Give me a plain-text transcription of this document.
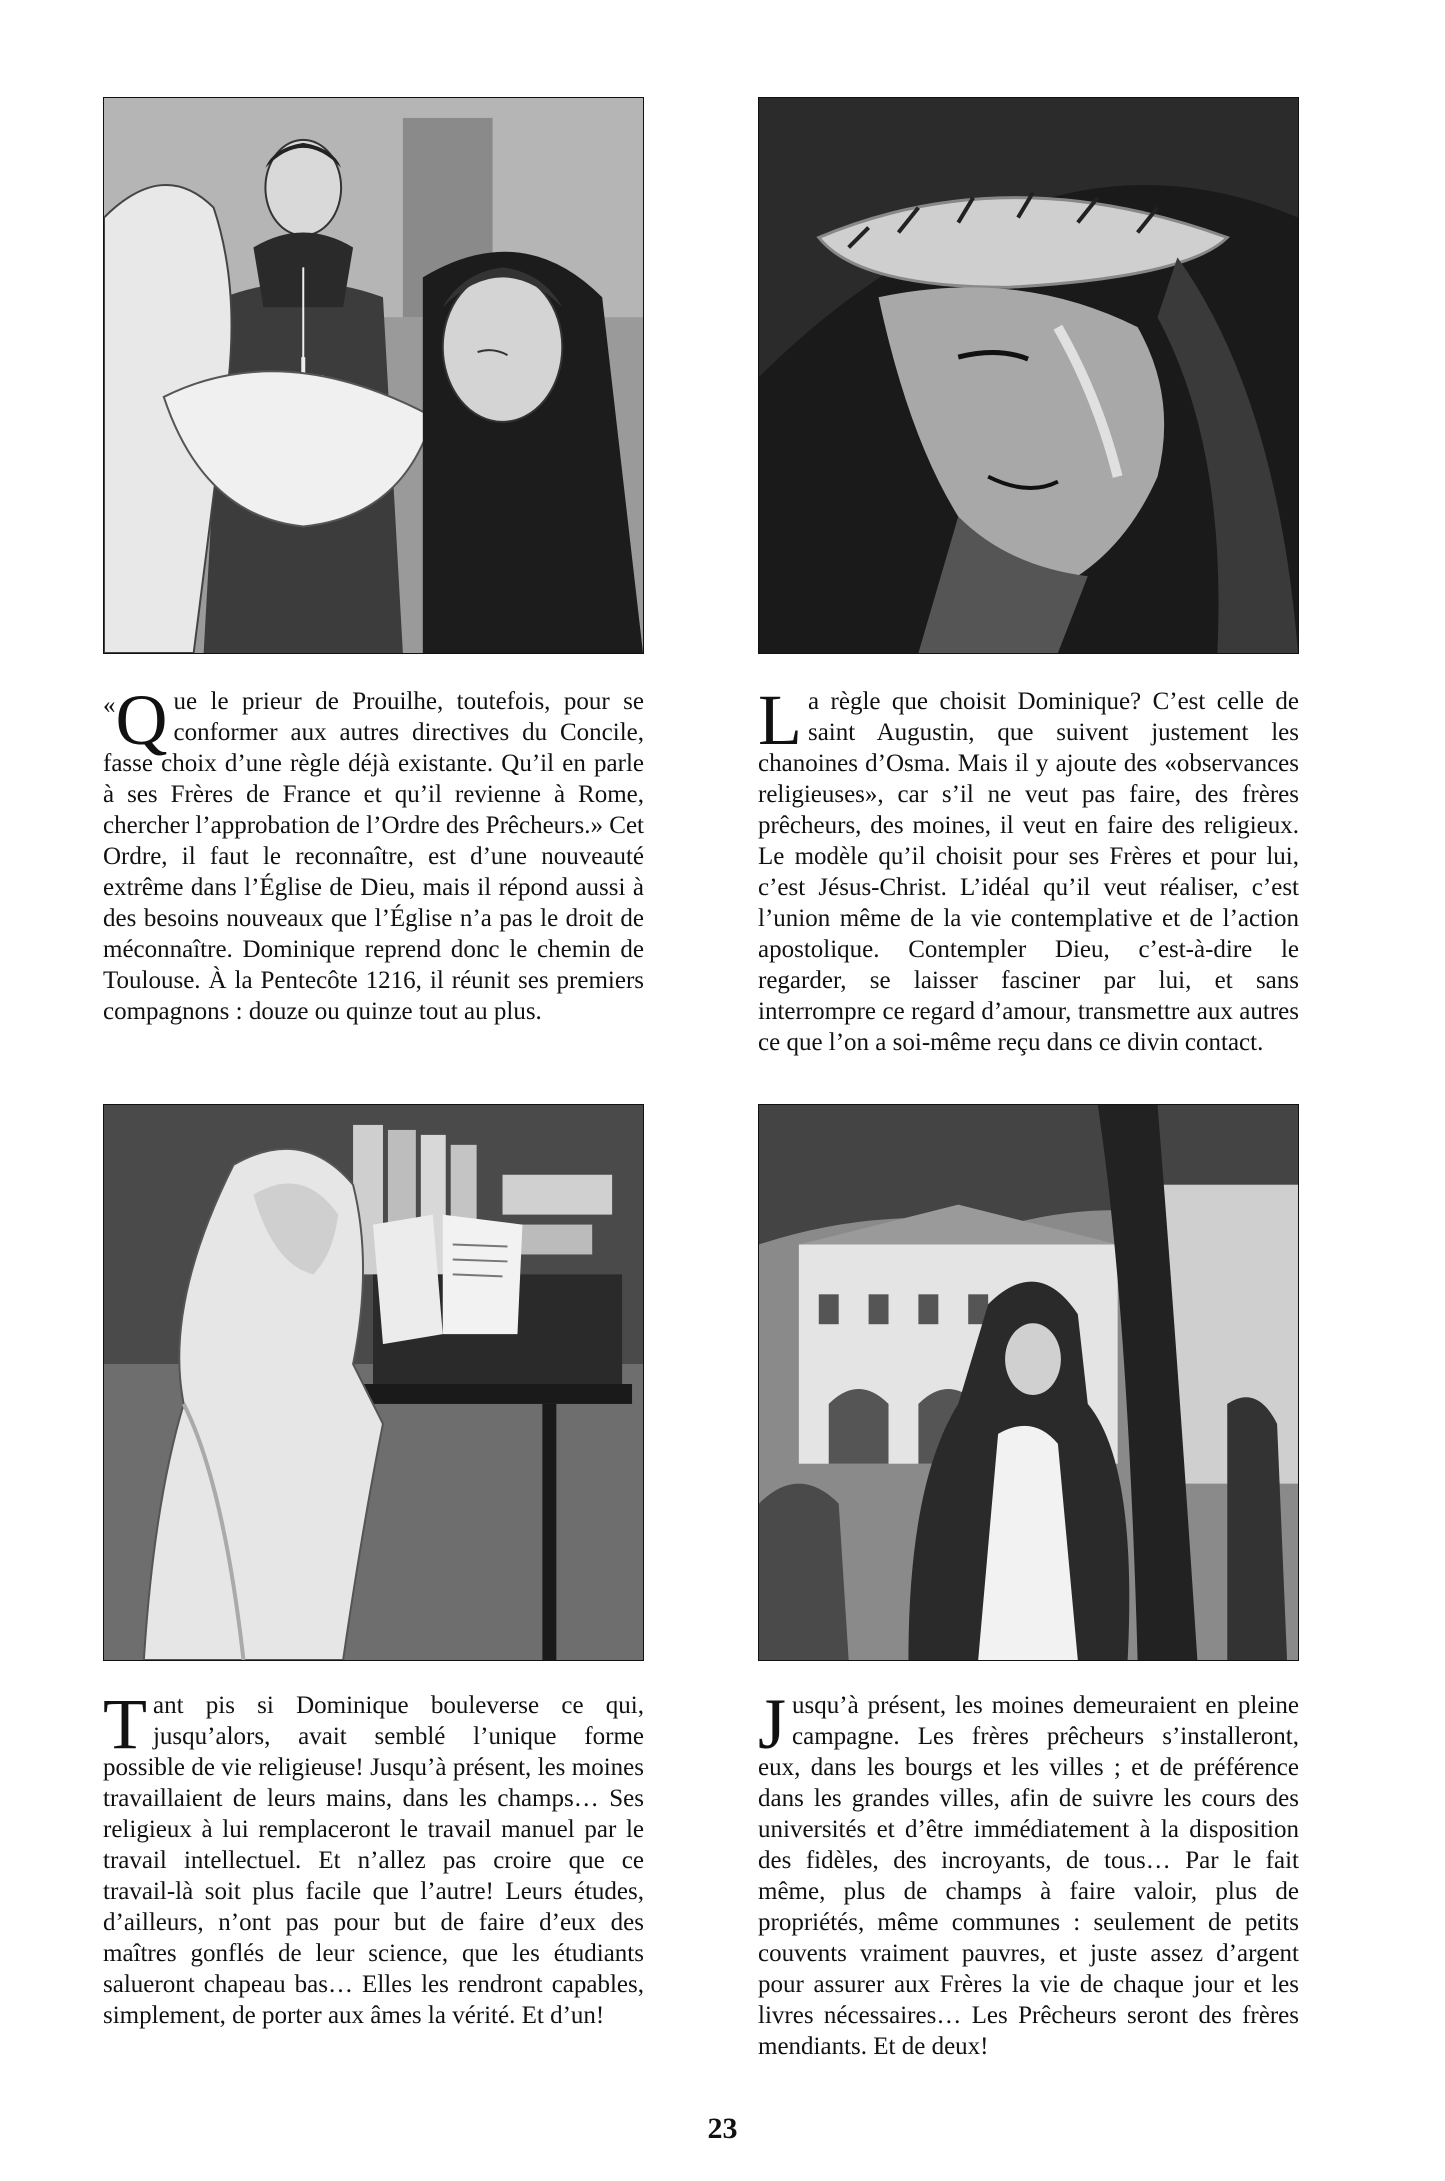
« Q ue le prieur de Prouilhe, toutefois, pour se conformer aux autres directives du Concile, fasse choix d’une règle déjà existante. Qu’il en parle à ses Frères de France et qu’il revienne à Rome, chercher l’approbation de l’Ordre des Prêcheurs.» Cet Ordre, il faut le reconnaître, est d’une nouveauté extrême dans l’Église de Dieu, mais il répond aussi à des besoins nouveaux que l’Église n’a pas le droit de méconnaître. Dominique reprend donc le chemin de Toulouse. À la Pentecôte 1216, il réunit ses premiers compagnons : douze ou quinze tout au plus.

L a règle que choisit Dominique? C’est celle de saint Augustin, que suivent justement les chanoines d’Osma. Mais il y ajoute des «observances religieuses», car s’il ne veut pas faire, des frères prêcheurs, des moines, il veut en faire des religieux. Le modèle qu’il choisit pour ses Frères et pour lui, c’est Jésus-Christ. L’idéal qu’il veut réaliser, c’est l’union même de la vie contemplative et de l’action apostolique. Contempler Dieu, c’est-à-dire le regarder, se laisser fasciner par lui, et sans interrompre ce regard d’amour, transmettre aux autres ce que l’on a soi-même reçu dans ce divin contact.

T ant pis si Dominique bouleverse ce qui, jusqu’alors, avait semblé l’unique forme possible de vie religieuse! Jusqu’à présent, les moines travaillaient de leurs mains, dans les champs… Ses religieux à lui remplaceront le travail manuel par le travail intellectuel. Et n’allez pas croire que ce travail-là soit plus facile que l’autre! Leurs études, d’ailleurs, n’ont pas pour but de faire d’eux des maîtres gonflés de leur science, que les étudiants salueront chapeau bas… Elles les rendront capables, simplement, de porter aux âmes la vérité. Et d’un!

J usqu’à présent, les moines demeuraient en pleine campagne. Les frères prêcheurs s’installeront, eux, dans les bourgs et les villes ; et de préférence dans les grandes villes, afin de suivre les cours des universités et d’être immédiatement à la disposition des fidèles, des incroyants, de tous… Par le fait même, plus de champs à faire valoir, plus de propriétés, même communes : seulement de petits couvents vraiment pauvres, et juste assez d’argent pour assurer aux Frères la vie de chaque jour et les livres nécessaires… Les Prêcheurs seront des frères mendiants. Et de deux!

23
